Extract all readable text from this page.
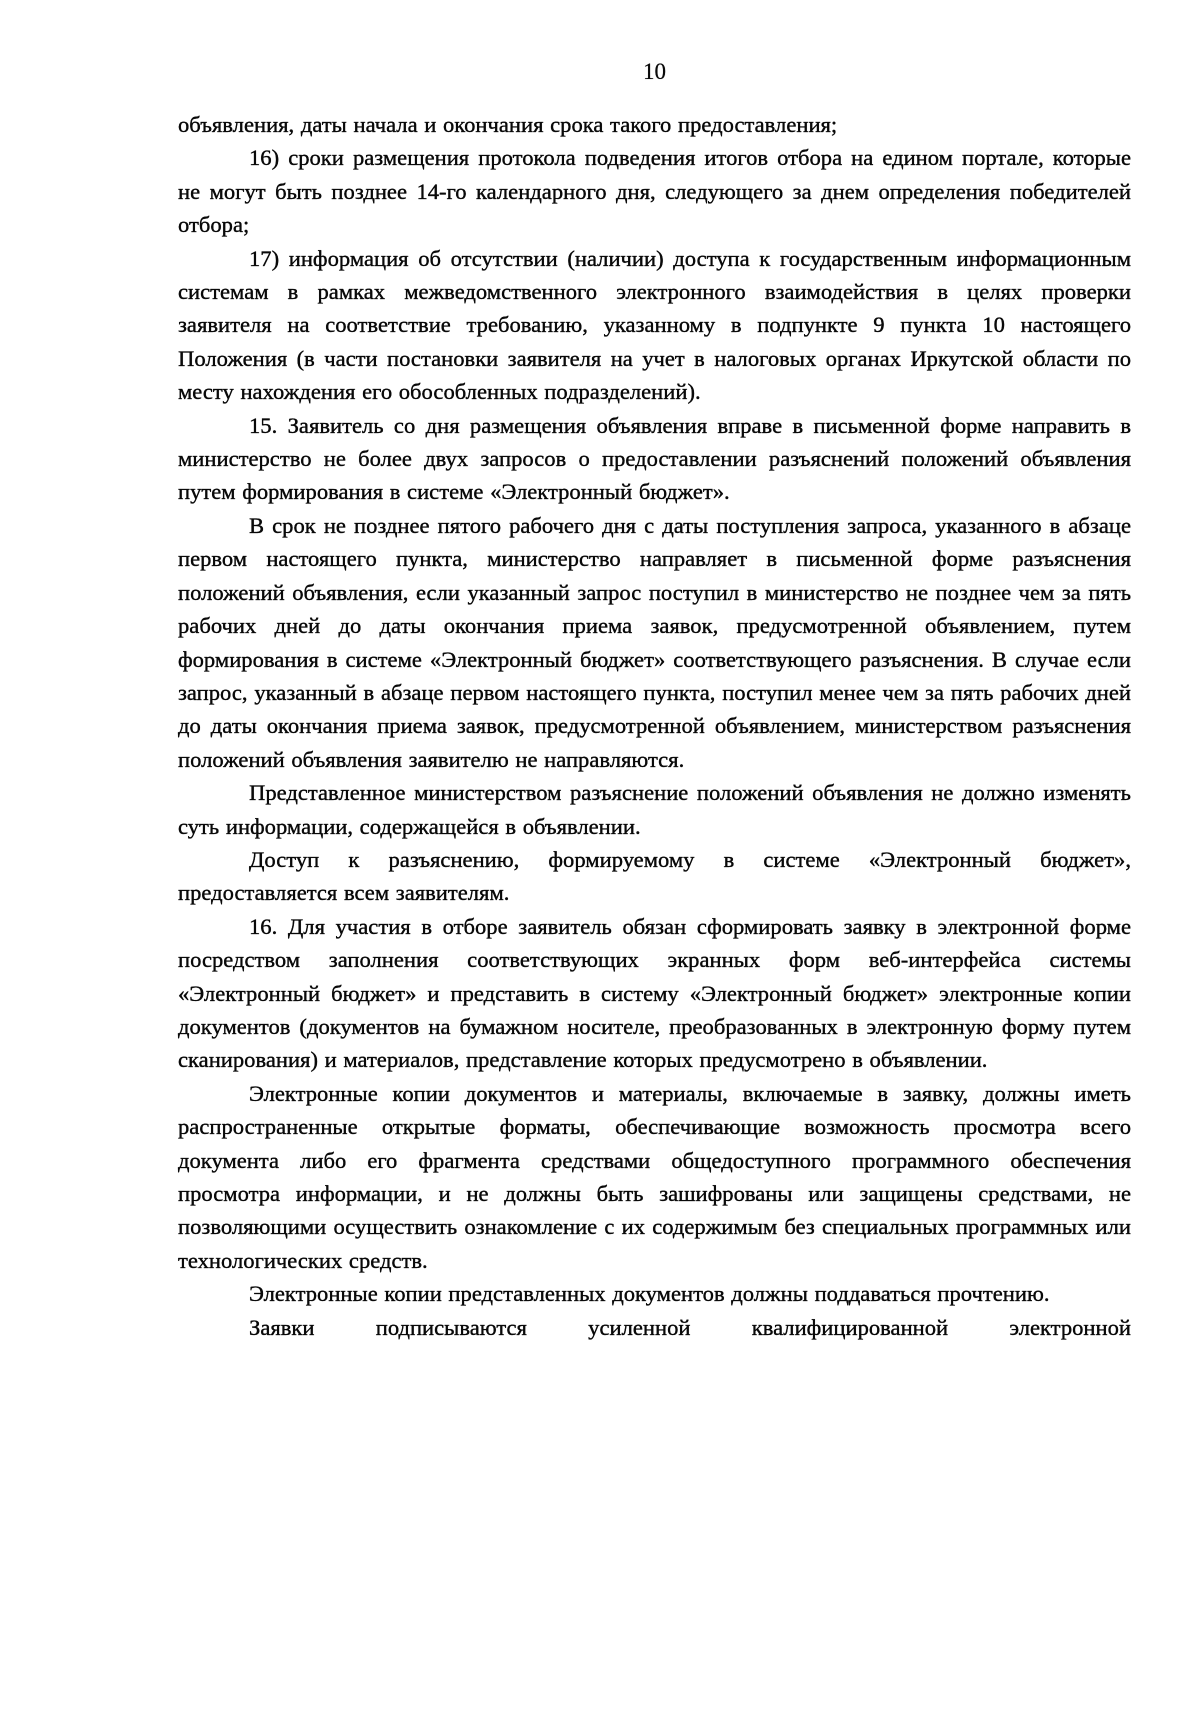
10

объявления, даты начала и окончания срока такого предоставления;

16) сроки размещения протокола подведения итогов отбора на едином портале, которые не могут быть позднее 14-го календарного дня, следующего за днем определения победителей отбора;

17) информация об отсутствии (наличии) доступа к государственным информационным системам в рамках межведомственного электронного взаимодействия в целях проверки заявителя на соответствие требованию, указанному в подпункте 9 пункта 10 настоящего Положения (в части постановки заявителя на учет в налоговых органах Иркутской области по месту нахождения его обособленных подразделений).

15. Заявитель со дня размещения объявления вправе в письменной форме направить в министерство не более двух запросов о предоставлении разъяснений положений объявления путем формирования в системе «Электронный бюджет».

В срок не позднее пятого рабочего дня с даты поступления запроса, указанного в абзаце первом настоящего пункта, министерство направляет в письменной форме разъяснения положений объявления, если указанный запрос поступил в министерство не позднее чем за пять рабочих дней до даты окончания приема заявок, предусмотренной объявлением, путем формирования в системе «Электронный бюджет» соответствующего разъяснения. В случае если запрос, указанный в абзаце первом настоящего пункта, поступил менее чем за пять рабочих дней до даты окончания приема заявок, предусмотренной объявлением, министерством разъяснения положений объявления заявителю не направляются.

Представленное министерством разъяснение положений объявления не должно изменять суть информации, содержащейся в объявлении.

Доступ к разъяснению, формируемому в системе «Электронный бюджет», предоставляется всем заявителям.

16. Для участия в отборе заявитель обязан сформировать заявку в электронной форме посредством заполнения соответствующих экранных форм веб-интерфейса системы «Электронный бюджет» и представить в систему «Электронный бюджет» электронные копии документов (документов на бумажном носителе, преобразованных в электронную форму путем сканирования) и материалов, представление которых предусмотрено в объявлении.

Электронные копии документов и материалы, включаемые в заявку, должны иметь распространенные открытые форматы, обеспечивающие возможность просмотра всего документа либо его фрагмента средствами общедоступного программного обеспечения просмотра информации, и не должны быть зашифрованы или защищены средствами, не позволяющими осуществить ознакомление с их содержимым без специальных программных или технологических средств.

Электронные копии представленных документов должны поддаваться прочтению.

Заявки подписываются усиленной квалифицированной электронной
